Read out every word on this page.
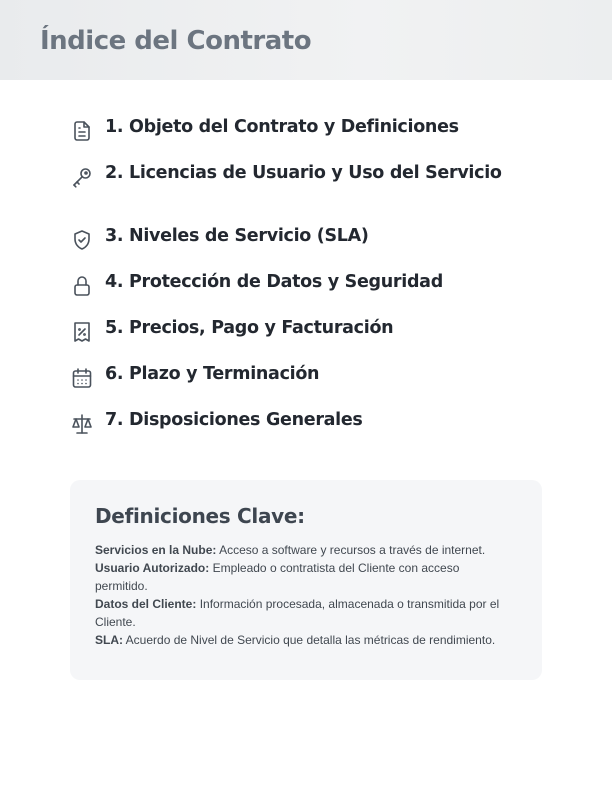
Índice del Contrato
1. Objeto del Contrato y Definiciones
2. Licencias de Usuario y Uso del Servicio
3. Niveles de Servicio (SLA)
4. Protección de Datos y Seguridad
5. Precios, Pago y Facturación
6. Plazo y Terminación
7. Disposiciones Generales
Definiciones Clave:
Servicios en la Nube: Acceso a software y recursos a través de internet.
Usuario Autorizado: Empleado o contratista del Cliente con acceso permitido.
Datos del Cliente: Información procesada, almacenada o transmitida por el Cliente.
SLA: Acuerdo de Nivel de Servicio que detalla las métricas de rendimiento.
